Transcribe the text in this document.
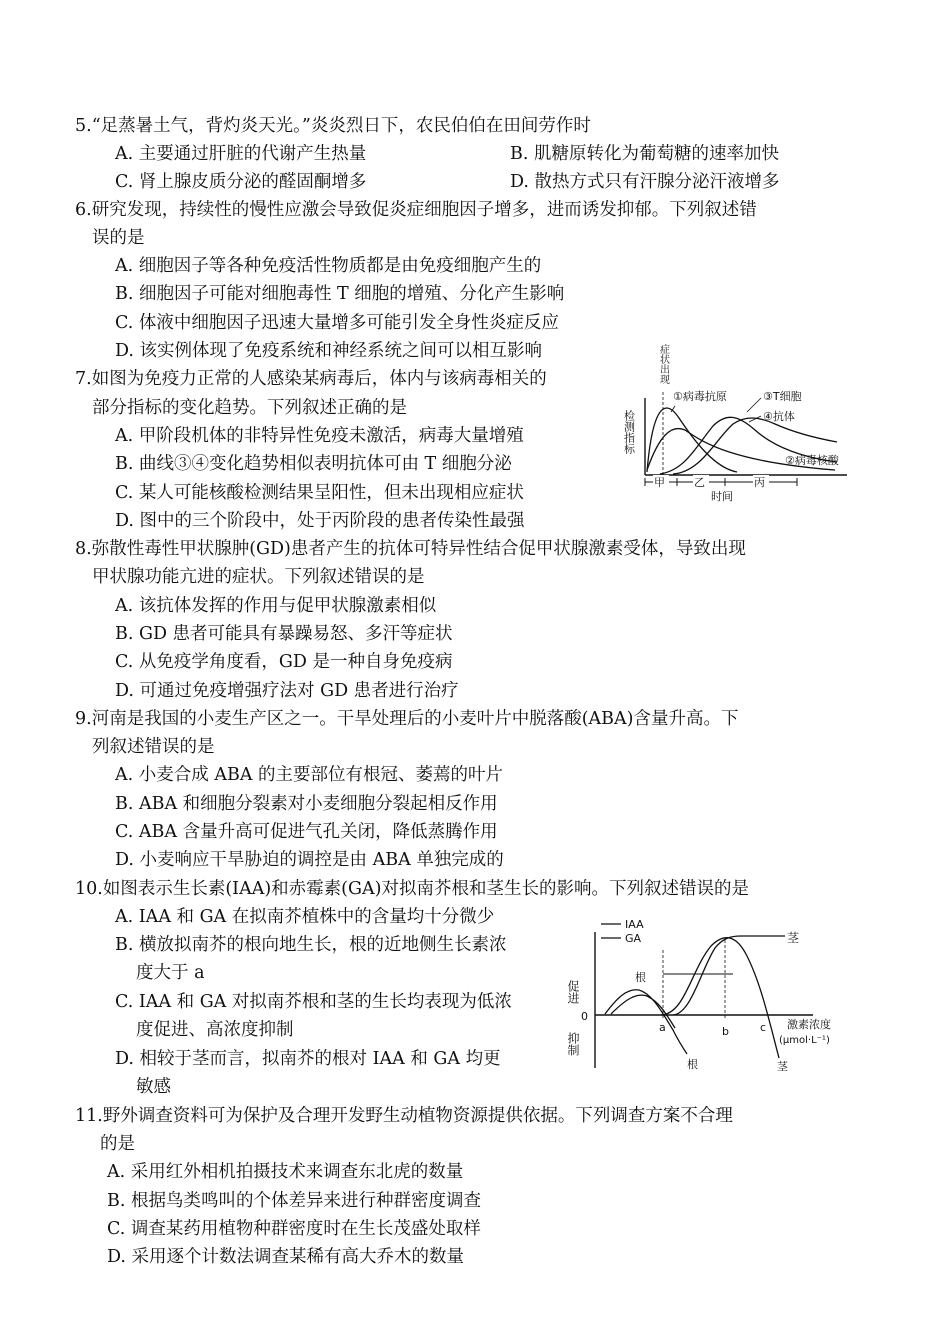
5.“足蒸暑土气，背灼炎天光。”炎炎烈日下，农民伯伯在田间劳作时
A. 主要通过肝脏的代谢产生热量	B. 肌糖原转化为葡萄糖的速率加快
C. 肾上腺皮质分泌的醛固酮增多	D. 散热方式只有汗腺分泌汗液增多
6.研究发现，持续性的慢性应激会导致促炎症细胞因子增多，进而诱发抑郁。下列叙述错
误的是
A. 细胞因子等各种免疫活性物质都是由免疫细胞产生的
B. 细胞因子可能对细胞毒性 T 细胞的增殖、分化产生影响
C. 体液中细胞因子迅速大量增多可能引发全身性炎症反应
D. 该实例体现了免疫系统和神经系统之间可以相互影响
7.如图为免疫力正常的人感染某病毒后，体内与该病毒相关的
部分指标的变化趋势。下列叙述正确的是
A. 甲阶段机体的非特异性免疫未激活，病毒大量增殖
B. 曲线③④变化趋势相似表明抗体可由 T 细胞分泌
C. 某人可能核酸检测结果呈阳性，但未出现相应症状
D. 图中的三个阶段中，处于丙阶段的患者传染性最强
检测指标
症状出现
①病毒抗原	③T细胞
④抗体
②病毒核酸
甲	乙	丙
时间
8.弥散性毒性甲状腺肿(GD)患者产生的抗体可特异性结合促甲状腺激素受体，导致出现
甲状腺功能亢进的症状。下列叙述错误的是
A. 该抗体发挥的作用与促甲状腺激素相似
B. GD 患者可能具有暴躁易怒、多汗等症状
C. 从免疫学角度看，GD 是一种自身免疫病
D. 可通过免疫增强疗法对 GD 患者进行治疗
9.河南是我国的小麦生产区之一。干旱处理后的小麦叶片中脱落酸(ABA)含量升高。下
列叙述错误的是
A. 小麦合成 ABA 的主要部位有根冠、萎蔫的叶片
B. ABA 和细胞分裂素对小麦细胞分裂起相反作用
C. ABA 含量升高可促进气孔关闭，降低蒸腾作用
D. 小麦响应干旱胁迫的调控是由 ABA 单独完成的
10.如图表示生长素(IAA)和赤霉素(GA)对拟南芥根和茎生长的影响。下列叙述错误的是
A. IAA 和 GA 在拟南芥植株中的含量均十分微少
B. 横放拟南芥的根向地生长，根的近地侧生长素浓
度大于 a
C. IAA 和 GA 对拟南芥根和茎的生长均表现为低浓
度促进、高浓度抑制
D. 相较于茎而言，拟南芥的根对 IAA 和 GA 均更
敏感
IAA
GA
促进
抑制
0
根
根
茎
茎
a	b	c 激素浓度
(μmol·L⁻¹)
11.野外调查资料可为保护及合理开发野生动植物资源提供依据。下列调查方案不合理
的是
A. 采用红外相机拍摄技术来调查东北虎的数量
B. 根据鸟类鸣叫的个体差异来进行种群密度调查
C. 调查某药用植物种群密度时在生长茂盛处取样
D. 采用逐个计数法调查某稀有高大乔木的数量
